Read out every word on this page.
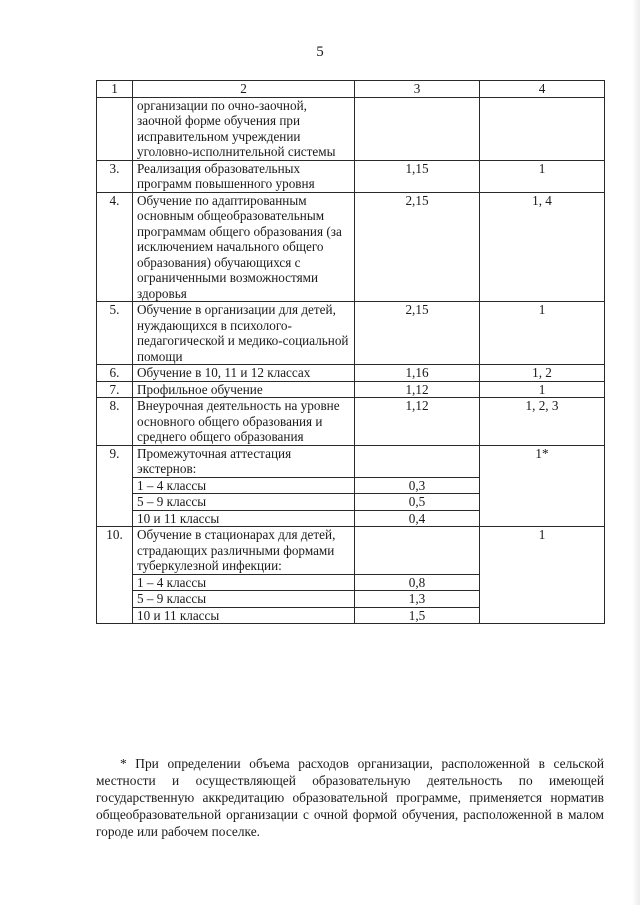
5
1	2	3	4
	организации по очно-заочной, заочной форме обучения при исправительном учреждении уголовно-исполнительной системы		
3.	Реализация образовательных программ повышенного уровня	1,15	1
4.	Обучение по адаптированным основным общеобразовательным программам общего образования (за исключением начального общего образования) обучающихся с ограниченными возможностями здоровья	2,15	1, 4
5.	Обучение в организации для детей, нуждающихся в психолого-педагогической и медико-социальной помощи	2,15	1
6.	Обучение в 10, 11 и 12 классах	1,16	1, 2
7.	Профильное обучение	1,12	1
8.	Внеурочная деятельность на уровне основного общего образования и среднего общего образования	1,12	1, 2, 3
9.	Промежуточная аттестация экстернов:		1*
	1 – 4 классы	0,3	
	5 – 9 классы	0,5	
	10 и 11 классы	0,4	
10.	Обучение в стационарах для детей, страдающих различными формами туберкулезной инфекции:		1
	1 – 4 классы	0,8	
	5 – 9 классы	1,3	
	10 и 11 классы	1,5	

* При определении объема расходов организации, расположенной в сельской местности и осуществляющей образовательную деятельность по имеющей государственную аккредитацию образовательной программе, применяется норматив общеобразовательной организации с очной формой обучения, расположенной в малом городе или рабочем поселке.
